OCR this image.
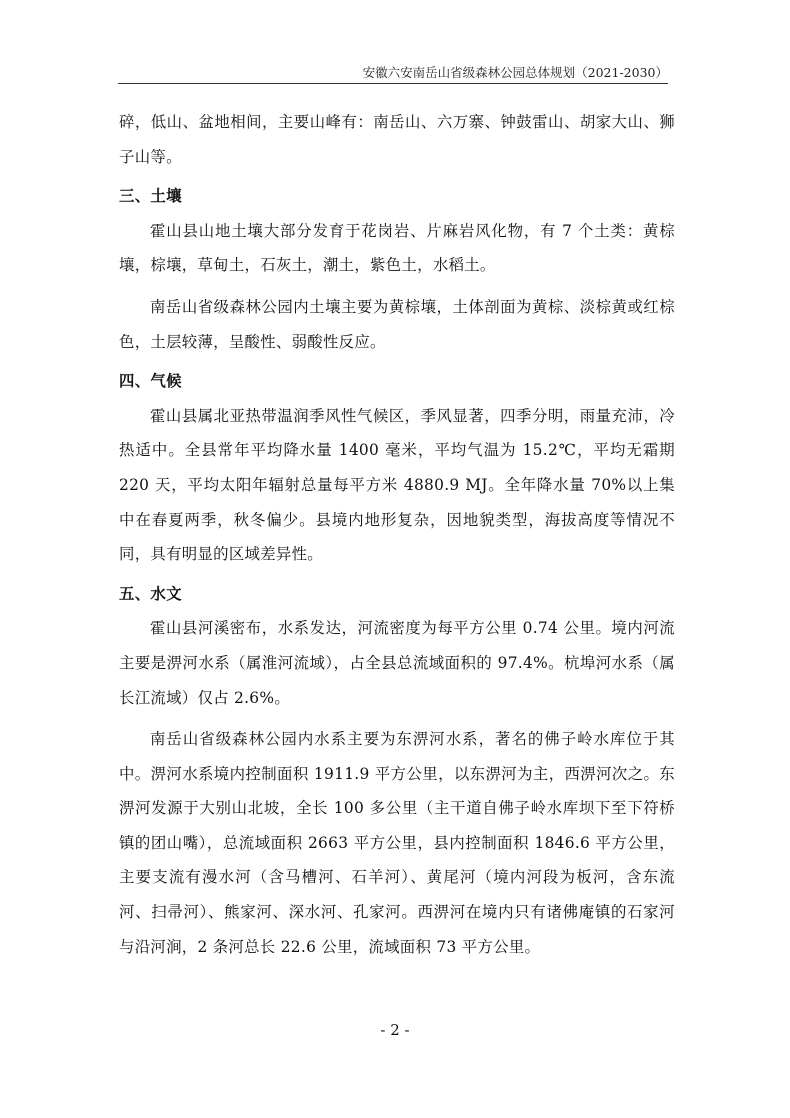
安徽六安南岳山省级森林公园总体规划（2021-2030）

碎，低山、盆地相间，主要山峰有：南岳山、六万寨、钟鼓雷山、胡家大山、狮子山等。

三、土壤

霍山县山地土壤大部分发育于花岗岩、片麻岩风化物，有 7 个土类：黄棕壤，棕壤，草甸土，石灰土，潮土，紫色土，水稻土。

南岳山省级森林公园内土壤主要为黄棕壤，土体剖面为黄棕、淡棕黄或红棕色，土层较薄，呈酸性、弱酸性反应。

四、气候

霍山县属北亚热带温润季风性气候区，季风显著，四季分明，雨量充沛，冷热适中。全县常年平均降水量 1400 毫米，平均气温为 15.2℃，平均无霜期 220 天，平均太阳年辐射总量每平方米 4880.9 MJ。全年降水量 70%以上集中在春夏两季，秋冬偏少。县境内地形复杂，因地貌类型，海拔高度等情况不同，具有明显的区域差异性。

五、水文

霍山县河溪密布，水系发达，河流密度为每平方公里 0.74 公里。境内河流主要是淠河水系（属淮河流域），占全县总流域面积的 97.4%。杭埠河水系（属长江流域）仅占 2.6%。

南岳山省级森林公园内水系主要为东淠河水系，著名的佛子岭水库位于其中。淠河水系境内控制面积 1911.9 平方公里，以东淠河为主，西淠河次之。东淠河发源于大别山北坡，全长 100 多公里（主干道自佛子岭水库坝下至下符桥镇的团山嘴），总流域面积 2663 平方公里，县内控制面积 1846.6 平方公里，主要支流有漫水河（含马槽河、石羊河）、黄尾河（境内河段为板河，含东流河、扫帚河）、熊家河、深水河、孔家河。西淠河在境内只有诸佛庵镇的石家河与沿河涧，2 条河总长 22.6 公里，流域面积 73 平方公里。

- 2 -
